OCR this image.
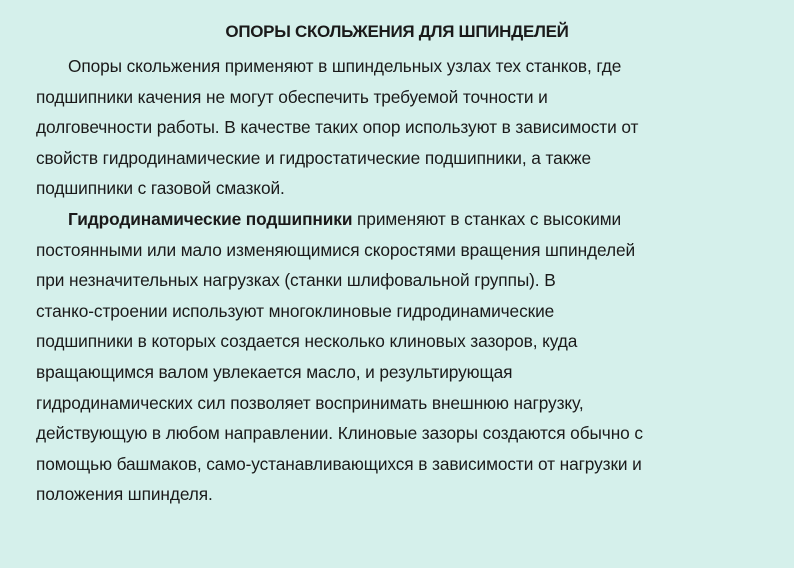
ОПОРЫ СКОЛЬЖЕНИЯ ДЛЯ ШПИНДЕЛЕЙ
Опоры скольжения применяют в шпиндельных узлах тех станков, где
подшипники качения не могут обеспечить требуемой точности и
долговечности работы. В качестве таких опор используют в зависимости от
свойств гидродинамические и гидростатические подшипники, а также
подшипники с газовой смазкой.
Гидродинамические подшипники применяют в станках с высокими
постоянными или мало изменяющимися скоростями вращения шпинделей
при незначительных нагрузках (станки шлифовальной группы). В
станко-строении используют многоклиновые гидродинамические
подшипники в которых создается несколько клиновых зазоров, куда
вращающимся валом увлекается масло, и результирующая
гидродинамических сил позволяет воспринимать внешнюю нагрузку,
действующую в любом направлении. Клиновые зазоры создаются обычно с
помощью башмаков, само-устанавливающихся в зависимости от нагрузки и
положения шпинделя.
